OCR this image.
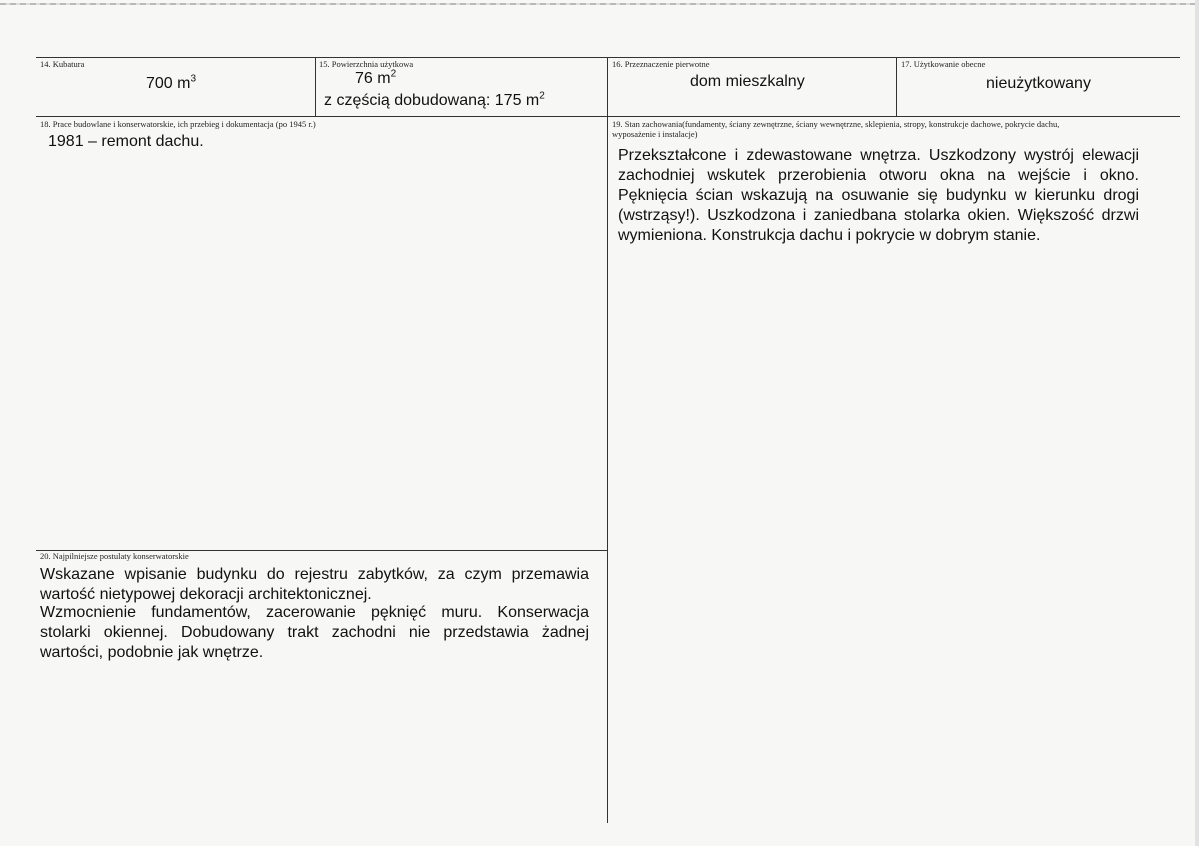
14. Kubatura
700 $m^3$
15. Powierzchnia użytkowa
76 $m^2$
z częścią dobudowaną: 175 $m^2$
16. Przeznaczenie pierwotne
dom mieszkalny
17. Użytkowanie obecne
nieużytkowany
18. Prace budowlane i konserwatorskie, ich przebieg i dokumentacja (po 1945 r.)
1981 – remont dachu.
19. Stan zachowania(fundamenty, ściany zewnętrzne, ściany wewnętrzne, sklepienia, stropy, konstrukcje dachowe, pokrycie dachu,
wyposażenie i instalacje)
Przekształcone i zdewastowane wnętrza. Uszkodzony wystrój elewacji zachodniej wskutek przerobienia otworu okna na wejście i okno. Pęknięcia ścian wskazują na osuwanie się budynku w kierunku drogi (wstrząsy!). Uszkodzona i zaniedbana stolarka okien. Większość drzwi wymieniona. Konstrukcja dachu i pokrycie w dobrym stanie.
20. Najpilniejsze postulaty konserwatorskie
Wskazane wpisanie budynku do rejestru zabytków, za czym przemawia wartość nietypowej dekoracji architektonicznej.
Wzmocnienie fundamentów, zacerowanie pęknięć muru. Konserwacja stolarki okiennej. Dobudowany trakt zachodni nie przedstawia żadnej wartości, podobnie jak wnętrze.
